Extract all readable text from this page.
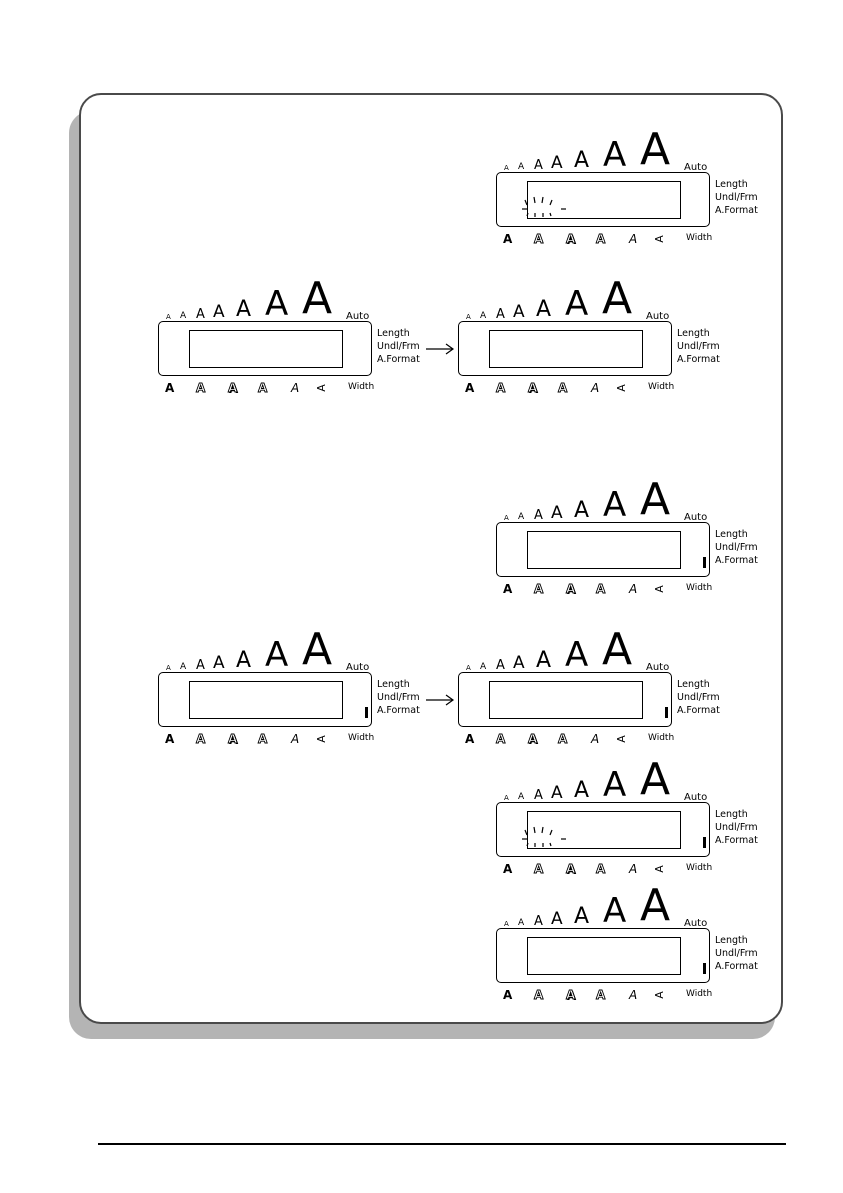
A A A A A A A Auto
Length
Undl/Frm
A.Format
A A A A A A Width
A A A A A A A Auto
Length
Undl/Frm
A.Format
A A A A A A Width
A A A A A A A Auto
Length
Undl/Frm
A.Format
A A A A A A Width
A A A A A A A Auto
Length
Undl/Frm
A.Format
A A A A A A Width
A A A A A A A Auto
Length
Undl/Frm
A.Format
A A A A A A Width
A A A A A A A Auto
Length
Undl/Frm
A.Format
A A A A A A Width
A A A A A A A Auto
Length
Undl/Frm
A.Format
A A A A A A Width
A A A A A A A Auto
Length
Undl/Frm
A.Format
A A A A A A Width
